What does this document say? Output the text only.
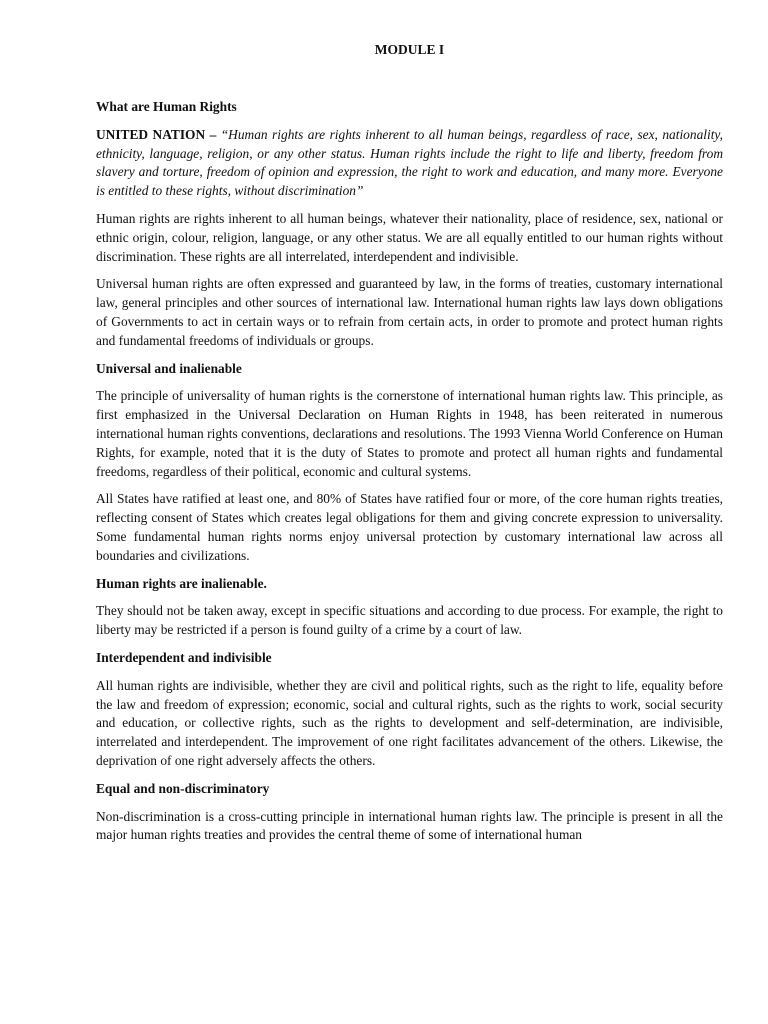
MODULE I

What are Human Rights

UNITED NATION – “Human rights are rights inherent to all human beings, regardless of race, sex, nationality, ethnicity, language, religion, or any other status. Human rights include the right to life and liberty, freedom from slavery and torture, freedom of opinion and expression, the right to work and education, and many more. Everyone is entitled to these rights, without discrimination”

Human rights are rights inherent to all human beings, whatever their nationality, place of residence, sex, national or ethnic origin, colour, religion, language, or any other status. We are all equally entitled to our human rights without discrimination. These rights are all interrelated, interdependent and indivisible.

Universal human rights are often expressed and guaranteed by law, in the forms of treaties, customary international law, general principles and other sources of international law. International human rights law lays down obligations of Governments to act in certain ways or to refrain from certain acts, in order to promote and protect human rights and fundamental freedoms of individuals or groups.

Universal and inalienable

The principle of universality of human rights is the cornerstone of international human rights law. This principle, as first emphasized in the Universal Declaration on Human Rights in 1948, has been reiterated in numerous international human rights conventions, declarations and resolutions. The 1993 Vienna World Conference on Human Rights, for example, noted that it is the duty of States to promote and protect all human rights and fundamental freedoms, regardless of their political, economic and cultural systems.

All States have ratified at least one, and 80% of States have ratified four or more, of the core human rights treaties, reflecting consent of States which creates legal obligations for them and giving concrete expression to universality. Some fundamental human rights norms enjoy universal protection by customary international law across all boundaries and civilizations.

Human rights are inalienable.

They should not be taken away, except in specific situations and according to due process. For example, the right to liberty may be restricted if a person is found guilty of a crime by a court of law.

Interdependent and indivisible

All human rights are indivisible, whether they are civil and political rights, such as the right to life, equality before the law and freedom of expression; economic, social and cultural rights, such as the rights to work, social security and education, or collective rights, such as the rights to development and self-determination, are indivisible, interrelated and interdependent. The improvement of one right facilitates advancement of the others. Likewise, the deprivation of one right adversely affects the others.

Equal and non-discriminatory

Non-discrimination is a cross-cutting principle in international human rights law. The principle is present in all the major human rights treaties and provides the central theme of some of international human
